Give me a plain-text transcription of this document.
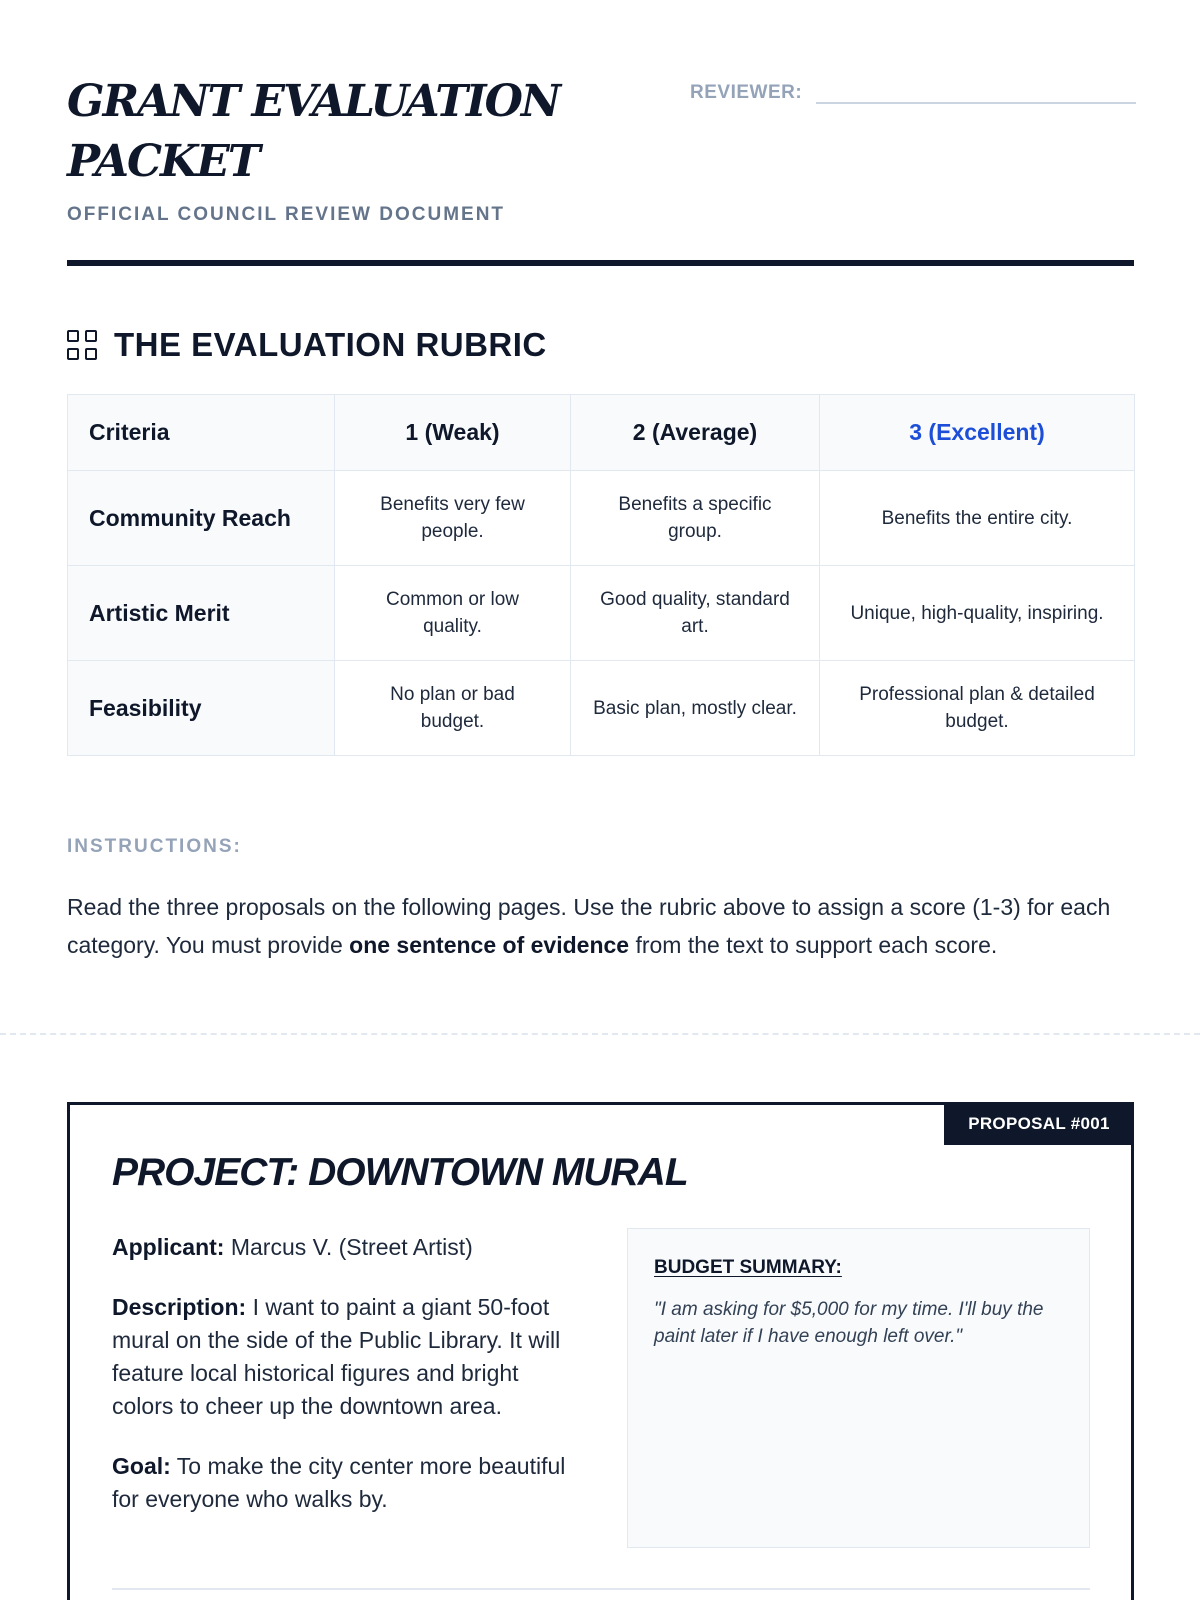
GRANT EVALUATION PACKET
OFFICIAL COUNCIL REVIEW DOCUMENT
REVIEWER:
THE EVALUATION RUBRIC
Criteria	1 (Weak)	2 (Average)	3 (Excellent)
Community Reach	Benefits very few people.	Benefits a specific group.	Benefits the entire city.
Artistic Merit	Common or low quality.	Good quality, standard art.	Unique, high-quality, inspiring.
Feasibility	No plan or bad budget.	Basic plan, mostly clear.	Professional plan & detailed budget.
INSTRUCTIONS:

Read the three proposals on the following pages. Use the rubric above to assign a score (1-3) for each category. You must provide one sentence of evidence from the text to support each score.

PROPOSAL #001
PROJECT: DOWNTOWN MURAL

Applicant: Marcus V. (Street Artist)

Description: I want to paint a giant 50-foot mural on the side of the Public Library. It will feature local historical figures and bright colors to cheer up the downtown area.

Goal: To make the city center more beautiful for everyone who walks by.

BUDGET SUMMARY:
"I am asking for $5,000 for my time. I'll buy the paint later if I have enough left over."
